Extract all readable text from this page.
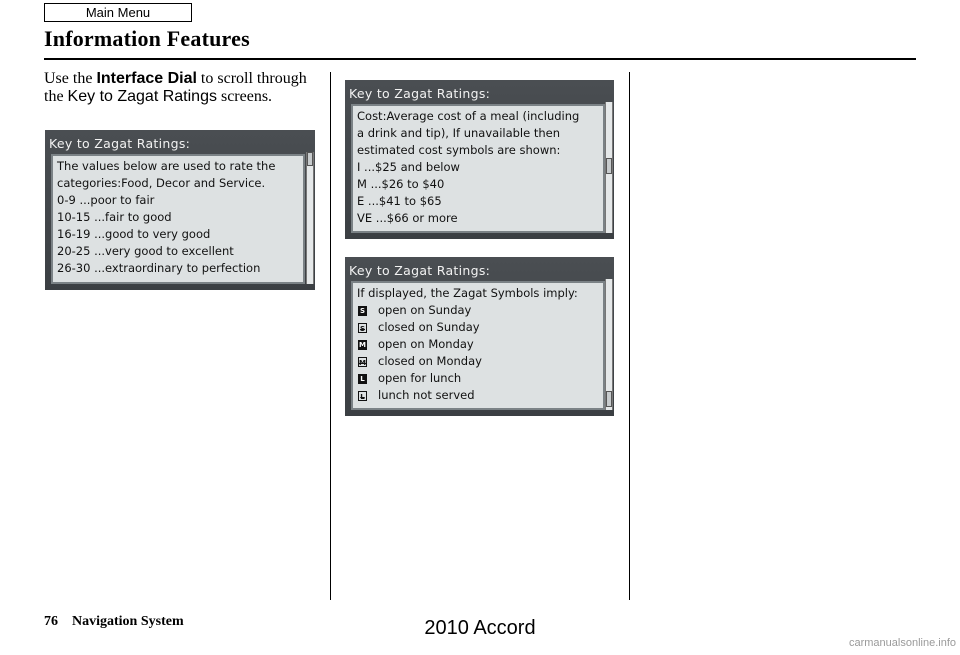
Main Menu
Information Features
Use the Interface Dial to scroll through the Key to Zagat Ratings screens.
Key to Zagat Ratings:
The values below are used to rate the
categories:Food, Decor and Service.
0-9 ...poor to fair
10-15 ...fair to good
16-19 ...good to very good
20-25 ...very good to excellent
26-30 ...extraordinary to perfection
Key to Zagat Ratings:
Cost:Average cost of a meal (including
a drink and tip), If unavailable then
estimated cost symbols are shown:
I ...$25 and below
M ...$26 to $40
E ...$41 to $65
VE ...$66 or more
Key to Zagat Ratings:
If displayed, the Zagat Symbols imply:
S open on Sunday
S closed on Sunday
M open on Monday
M closed on Monday
L open for lunch
L lunch not served
76 Navigation System	2010 Accord
carmanualsonline.info
